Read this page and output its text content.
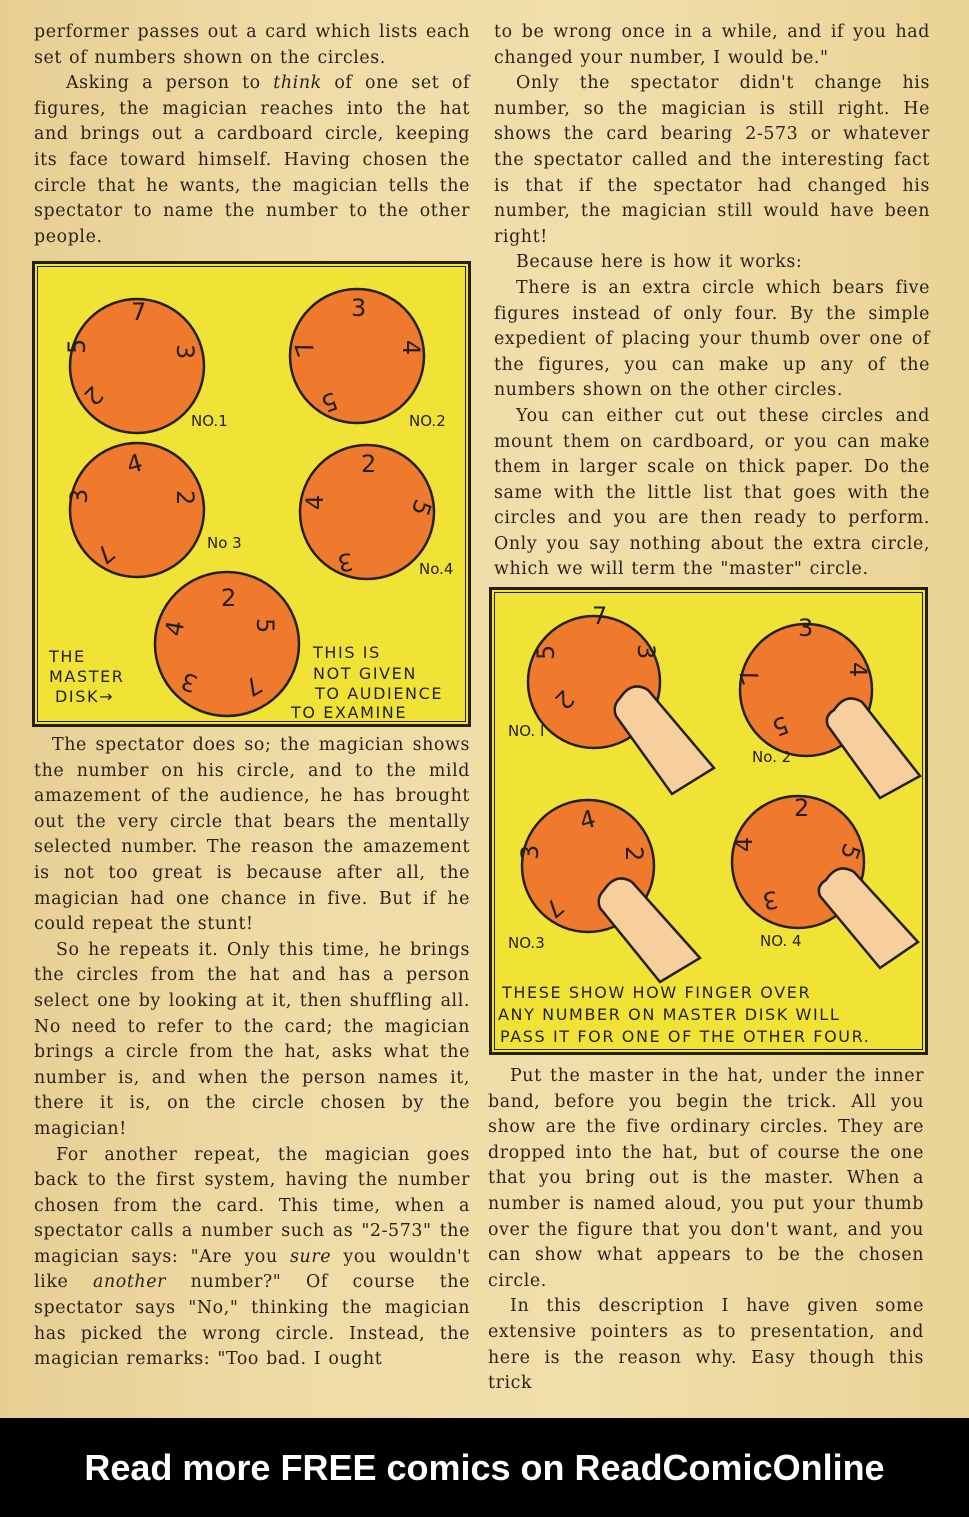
performer passes out a card which lists each set of numbers shown on the circles.

Asking a person to think of one set of figures, the magician reaches into the hat and brings out a cardboard circle, keeping its face toward himself. Having chosen the circle that he wants, the magician tells the spectator to name the number to the other people.

7
3
2
5
NO.1
3
4
5
7
NO.2
4
2
7
3
No 3
2
5
3
4
No.4
2
5
7
3
4
THE
MASTER
DISK→
THIS IS
NOT GIVEN
TO AUDIENCE
TO EXAMINE

The spectator does so; the magician shows the number on his circle, and to the mild amazement of the audience, he has brought out the very circle that bears the mentally selected number. The reason the amazement is not too great is because after all, the magician had one chance in five. But if he could repeat the stunt!

So he repeats it. Only this time, he brings the circles from the hat and has a person select one by looking at it, then shuffling all. No need to refer to the card; the magician brings a circle from the hat, asks what the number is, and when the person names it, there it is, on the circle chosen by the magician!

For another repeat, the magician goes back to the first system, having the number chosen from the card. This time, when a spectator calls a number such as "2-573" the magician says: "Are you sure you wouldn't like another number?" Of course the spectator says "No," thinking the magician has picked the wrong circle. Instead, the magician remarks: "Too bad. I ought

to be wrong once in a while, and if you had changed your number, I would be."

Only the spectator didn't change his number, so the magician is still right. He shows the card bearing 2-573 or whatever the spectator called and the interesting fact is that if the spectator had changed his number, the magician still would have been right!

Because here is how it works:

There is an extra circle which bears five figures instead of only four. By the simple expedient of placing your thumb over one of the figures, you can make up any of the numbers shown on the other circles.

You can either cut out these circles and mount them on cardboard, or you can make them in larger scale on thick paper. Do the same with the little list that goes with the circles and you are then ready to perform. Only you say nothing about the extra circle, which we will term the "master" circle.

7
3
2
5
NO. I
3
4
5
7
No. 2
4
2
7
3
NO.3
2
5
3
4
NO. 4
THESE SHOW HOW FINGER OVER
ANY NUMBER ON MASTER DISK WILL
PASS IT FOR ONE OF THE OTHER FOUR.

Put the master in the hat, under the inner band, before you begin the trick. All you show are the five ordinary circles. They are dropped into the hat, but of course the one that you bring out is the master. When a number is named aloud, you put your thumb over the figure that you don't want, and you can show what appears to be the chosen circle.

In this description I have given some extensive pointers as to presentation, and here is the reason why. Easy though this trick

Read more FREE comics on ReadComicOnline
